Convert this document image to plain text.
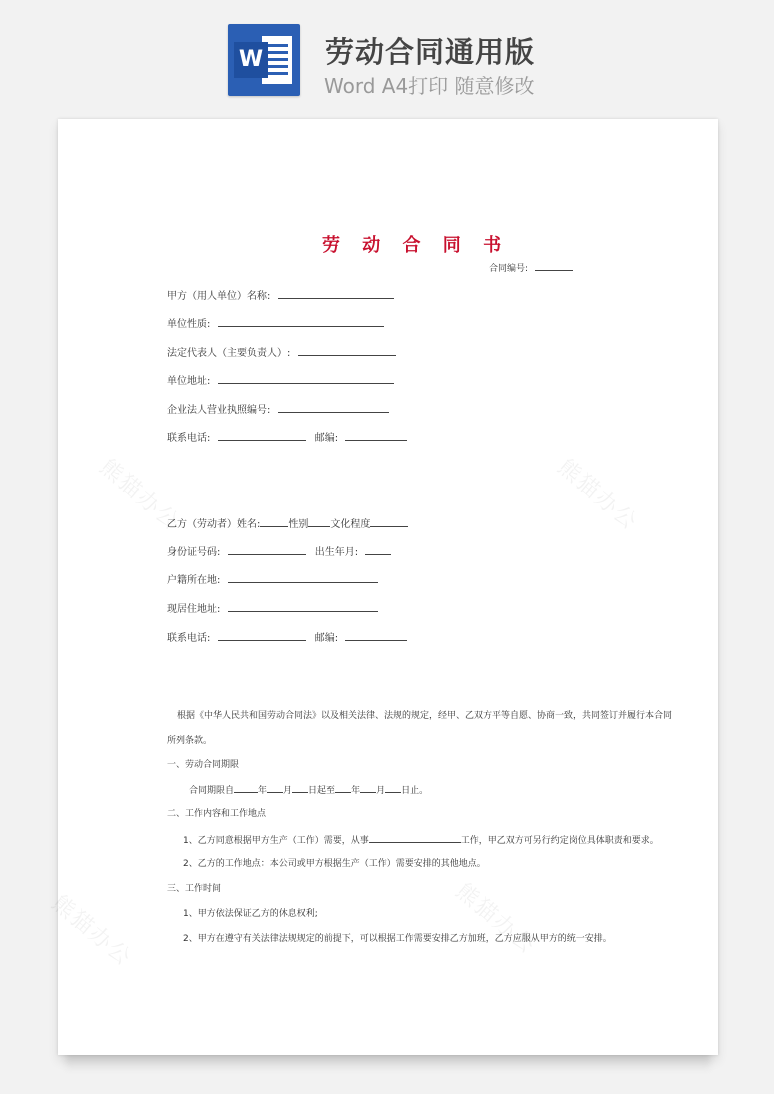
W 劳动合同通用版
Word A4打印 随意修改
熊猫办公	熊猫办公
熊猫办公	熊猫办公
劳 动 合 同 书
合同编号:
甲方（用人单位）名称:
单位性质:
法定代表人（主要负责人）:
单位地址:
企业法人营业执照编号:
联系电话:	邮编:
乙方（劳动者）姓名:	性别 文化程度
身份证号码:	出生年月:
户籍所在地:
现居住地址:
联系电话:	邮编:
根据《中华人民共和国劳动合同法》以及相关法律、法规的规定，经甲、乙双方平等自愿、协商一致，共同签订并履行本合同
所列条款。
一、劳动合同期限
合同期限自	年 月 日起至 年 月 日止。
二、工作内容和工作地点
1、乙方同意根据甲方生产（工作）需要，从事	工作，甲乙双方可另行约定岗位具体职责和要求。
2、乙方的工作地点：本公司或甲方根据生产（工作）需要安排的其他地点。
三、工作时间
1、甲方依法保证乙方的休息权利;
2、甲方在遵守有关法律法规规定的前提下，可以根据工作需要安排乙方加班，乙方应服从甲方的统一安排。
